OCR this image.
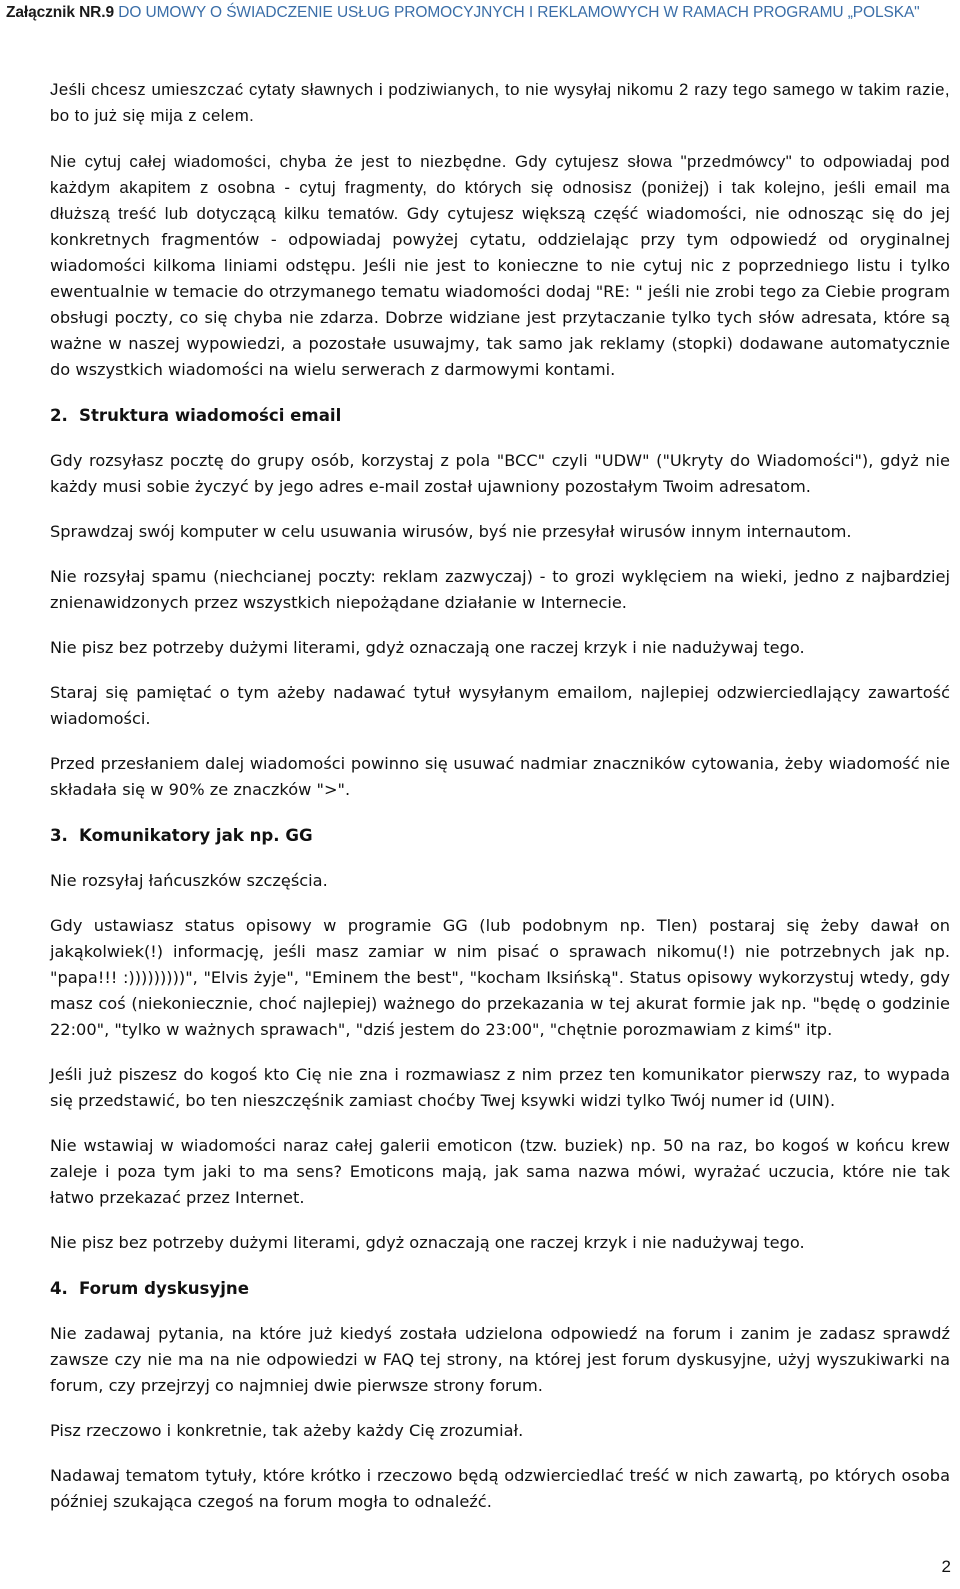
Załącznik NR.9 DO UMOWY O ŚWIADCZENIE USŁUG PROMOCYJNYCH I REKLAMOWYCH W RAMACH PROGRAMU „POLSKA"

Jeśli chcesz umieszczać cytaty sławnych i podziwianych, to nie wysyłaj nikomu 2 razy tego samego w takim razie, bo to już się mija z celem.

Nie cytuj całej wiadomości, chyba że jest to niezbędne. Gdy cytujesz słowa "przedmówcy" to odpowiadaj pod każdym akapitem z osobna - cytuj fragmenty, do których się odnosisz (poniżej) i tak kolejno, jeśli email ma dłuższą treść lub dotyczącą kilku tematów. Gdy cytujesz większą część wiadomości, nie odnosząc się do jej konkretnych fragmentów - odpowiadaj powyżej cytatu, oddzielając przy tym odpowiedź od oryginalnej wiadomości kilkoma liniami odstępu. Jeśli nie jest to konieczne to nie cytuj nic z poprzedniego listu i tylko ewentualnie w temacie do otrzymanego tematu wiadomości dodaj "RE: " jeśli nie zrobi tego za Ciebie program obsługi poczty, co się chyba nie zdarza. Dobrze widziane jest przytaczanie tylko tych słów adresata, które są ważne w naszej wypowiedzi, a pozostałe usuwajmy, tak samo jak reklamy (stopki) dodawane automatycznie do wszystkich wiadomości na wielu serwerach z darmowymi kontami.

2. Struktura wiadomości email

Gdy rozsyłasz pocztę do grupy osób, korzystaj z pola "BCC" czyli "UDW" ("Ukryty do Wiadomości"), gdyż nie każdy musi sobie życzyć by jego adres e-mail został ujawniony pozostałym Twoim adresatom.

Sprawdzaj swój komputer w celu usuwania wirusów, byś nie przesyłał wirusów innym internautom.

Nie rozsyłaj spamu (niechcianej poczty: reklam zazwyczaj) - to grozi wyklęciem na wieki, jedno z najbardziej znienawidzonych przez wszystkich niepożądane działanie w Internecie.

Nie pisz bez potrzeby dużymi literami, gdyż oznaczają one raczej krzyk i nie nadużywaj tego.

Staraj się pamiętać o tym ażeby nadawać tytuł wysyłanym emailom, najlepiej odzwierciedlający zawartość wiadomości.

Przed przesłaniem dalej wiadomości powinno się usuwać nadmiar znaczników cytowania, żeby wiadomość nie składała się w 90% ze znaczków ">".

3. Komunikatory jak np. GG

Nie rozsyłaj łańcuszków szczęścia.

Gdy ustawiasz status opisowy w programie GG (lub podobnym np. Tlen) postaraj się żeby dawał on jakąkolwiek(!) informację, jeśli masz zamiar w nim pisać o sprawach nikomu(!) nie potrzebnych jak np. "papa!!! :)))))))))", "Elvis żyje", "Eminem the best", "kocham Iksińską". Status opisowy wykorzystuj wtedy, gdy masz coś (niekoniecznie, choć najlepiej) ważnego do przekazania w tej akurat formie jak np. "będę o godzinie 22:00", "tylko w ważnych sprawach", "dziś jestem do 23:00", "chętnie porozmawiam z kimś" itp.

Jeśli już piszesz do kogoś kto Cię nie zna i rozmawiasz z nim przez ten komunikator pierwszy raz, to wypada się przedstawić, bo ten nieszczęśnik zamiast choćby Twej ksywki widzi tylko Twój numer id (UIN).

Nie wstawiaj w wiadomości naraz całej galerii emoticon (tzw. buziek) np. 50 na raz, bo kogoś w końcu krew zaleje i poza tym jaki to ma sens? Emoticons mają, jak sama nazwa mówi, wyrażać uczucia, które nie tak łatwo przekazać przez Internet.

Nie pisz bez potrzeby dużymi literami, gdyż oznaczają one raczej krzyk i nie nadużywaj tego.

4. Forum dyskusyjne

Nie zadawaj pytania, na które już kiedyś została udzielona odpowiedź na forum i zanim je zadasz sprawdź zawsze czy nie ma na nie odpowiedzi w FAQ tej strony, na której jest forum dyskusyjne, użyj wyszukiwarki na forum, czy przejrzyj co najmniej dwie pierwsze strony forum.

Pisz rzeczowo i konkretnie, tak ażeby każdy Cię zrozumiał.

Nadawaj tematom tytuły, które krótko i rzeczowo będą odzwierciedlać treść w nich zawartą, po których osoba później szukająca czegoś na forum mogła to odnaleźć.

2
